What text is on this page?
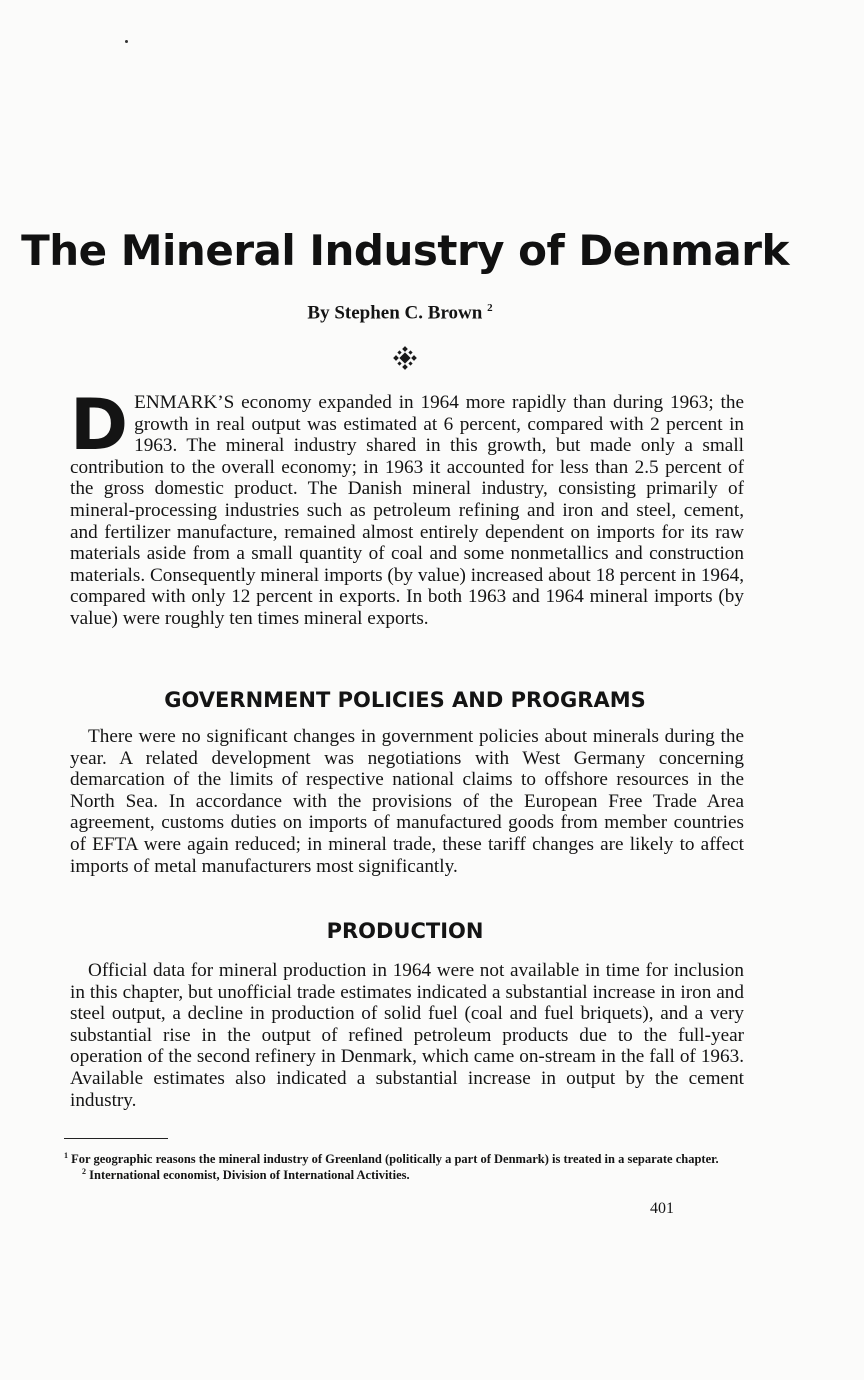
The Mineral Industry of Denmark
By Stephen C. Brown $^2$
D ENMARK’S economy expanded in 1964 more rapidly than during 1963; the growth in real output was estimated at 6 percent, compared with 2 percent in 1963. The mineral industry shared in this growth, but made only a small contribution to the overall economy; in 1963 it accounted for less than 2.5 percent of the gross domestic product. The Danish mineral industry, consisting primarily of mineral-processing industries such as petroleum refining and iron and steel, cement, and fertilizer manufacture, remained almost entirely dependent on imports for its raw materials aside from a small quantity of coal and some nonmetallics and construction materials. Consequently mineral imports (by value) increased about 18 percent in 1964, compared with only 12 percent in exports. In both 1963 and 1964 mineral imports (by value) were roughly ten times mineral exports.

GOVERNMENT POLICIES AND PROGRAMS

There were no significant changes in government policies about minerals during the year. A related development was negotiations with West Germany concerning demarcation of the limits of respective national claims to offshore resources in the North Sea. In accordance with the provisions of the European Free Trade Area agreement, customs duties on imports of manufactured goods from member countries of EFTA were again reduced; in mineral trade, these tariff changes are likely to affect imports of metal manufacturers most significantly.

PRODUCTION

Official data for mineral production in 1964 were not available in time for inclusion in this chapter, but unofficial trade estimates indicated a substantial increase in iron and steel output, a decline in production of solid fuel (coal and fuel briquets), and a very substantial rise in the output of refined petroleum products due to the full-year operation of the second refinery in Denmark, which came on-stream in the fall of 1963. Available estimates also indicated a substantial increase in output by the cement industry.

$^1$ For geographic reasons the mineral industry of Greenland (politically a part of Denmark) is treated in a separate chapter.

$^2$ International economist, Division of International Activities.

401
